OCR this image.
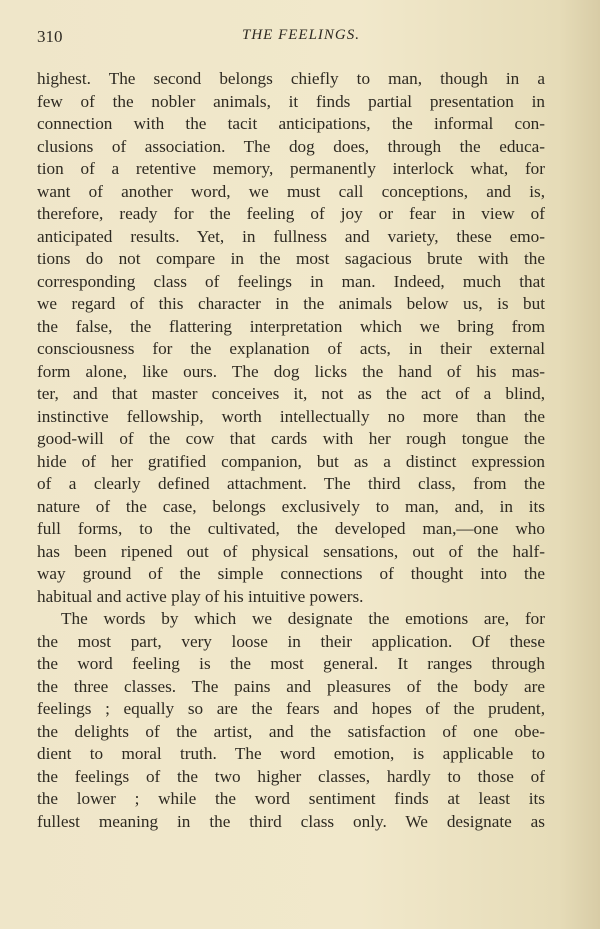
310	THE FEELINGS.
highest. The second belongs chiefly to man, though in a
few of the nobler animals, it finds partial presentation in
connection with the tacit anticipations, the informal con-
clusions of association. The dog does, through the educa-
tion of a retentive memory, permanently interlock what, for
want of another word, we must call conceptions, and is,
therefore, ready for the feeling of joy or fear in view of
anticipated results. Yet, in fullness and variety, these emo-
tions do not compare in the most sagacious brute with the
corresponding class of feelings in man. Indeed, much that
we regard of this character in the animals below us, is but
the false, the flattering interpretation which we bring from
consciousness for the explanation of acts, in their external
form alone, like ours. The dog licks the hand of his mas-
ter, and that master conceives it, not as the act of a blind,
instinctive fellowship, worth intellectually no more than the
good-will of the cow that cards with her rough tongue the
hide of her gratified companion, but as a distinct expression
of a clearly defined attachment. The third class, from the
nature of the case, belongs exclusively to man, and, in its
full forms, to the cultivated, the developed man,—one who
has been ripened out of physical sensations, out of the half-
way ground of the simple connections of thought into the
habitual and active play of his intuitive powers.
The words by which we designate the emotions are, for
the most part, very loose in their application. Of these
the word feeling is the most general. It ranges through
the three classes. The pains and pleasures of the body are
feelings ; equally so are the fears and hopes of the prudent,
the delights of the artist, and the satisfaction of one obe-
dient to moral truth. The word emotion, is applicable to
the feelings of the two higher classes, hardly to those of
the lower ; while the word sentiment finds at least its
fullest meaning in the third class only. We designate as
